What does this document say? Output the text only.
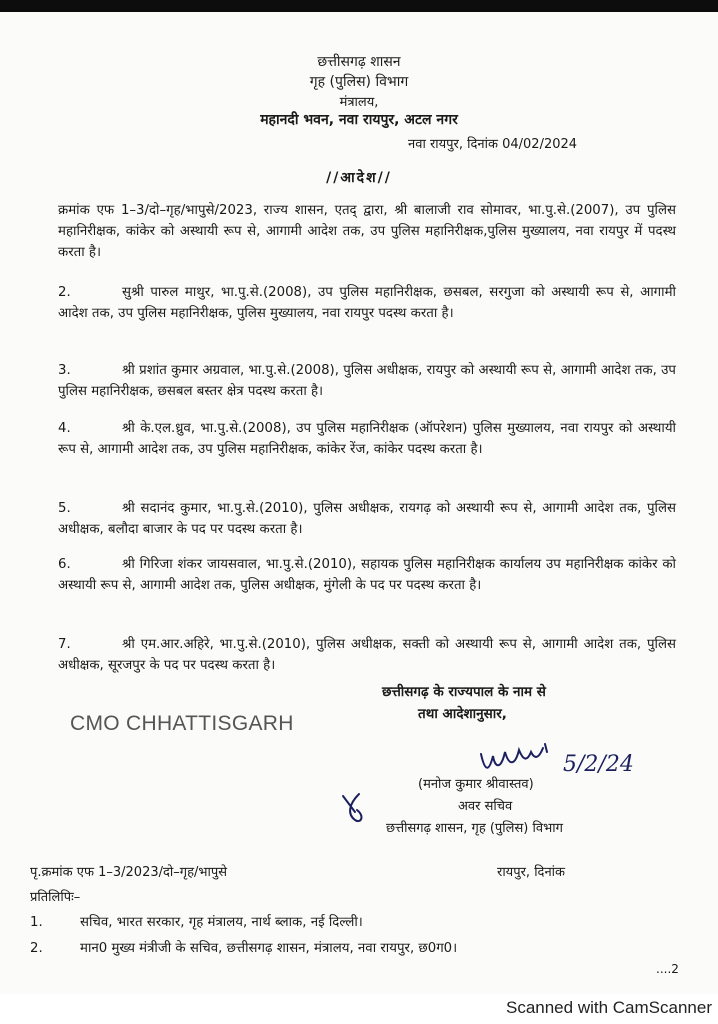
छत्तीसगढ़ शासन
गृह (पुलिस) विभाग
मंत्रालय,
महानदी भवन, नवा रायपुर, अटल नगर
नवा रायपुर, दिनांक 04/02/2024
//आदेश//
क्रमांक एफ 1–3/दो–गृह/भापुसे/2023, राज्य शासन, एतद् द्वारा, श्री बालाजी राव सोमावर, भा.पु.से.(2007), उप पुलिस महानिरीक्षक, कांकेर को अस्थायी रूप से, आगामी आदेश तक, उप पुलिस महानिरीक्षक,पुलिस मुख्यालय, नवा रायपुर में पदस्थ करता है।
2.	सुश्री पारुल माथुर, भा.पु.से.(2008), उप पुलिस महानिरीक्षक, छसबल, सरगुजा को अस्थायी रूप से, आगामी आदेश तक, उप पुलिस महानिरीक्षक, पुलिस मुख्यालय, नवा रायपुर पदस्थ करता है।
3.	श्री प्रशांत कुमार अग्रवाल, भा.पु.से.(2008), पुलिस अधीक्षक, रायपुर को अस्थायी रूप से, आगामी आदेश तक, उप पुलिस महानिरीक्षक, छसबल बस्तर क्षेत्र पदस्थ करता है।
4.	श्री के.एल.ध्रुव, भा.पु.से.(2008), उप पुलिस महानिरीक्षक (ऑपरेशन) पुलिस मुख्यालय, नवा रायपुर को अस्थायी रूप से, आगामी आदेश तक, उप पुलिस महानिरीक्षक, कांकेर रेंज, कांकेर पदस्थ करता है।
5.	श्री सदानंद कुमार, भा.पु.से.(2010), पुलिस अधीक्षक, रायगढ़ को अस्थायी रूप से, आगामी आदेश तक, पुलिस अधीक्षक, बलौदा बाजार के पद पर पदस्थ करता है।
6.	श्री गिरिजा शंकर जायसवाल, भा.पु.से.(2010), सहायक पुलिस महानिरीक्षक कार्यालय उप महानिरीक्षक कांकेर को अस्थायी रूप से, आगामी आदेश तक, पुलिस अधीक्षक, मुंगेली के पद पर पदस्थ करता है।
7.	श्री एम.आर.अहिरे, भा.पु.से.(2010), पुलिस अधीक्षक, सक्ती को अस्थायी रूप से, आगामी आदेश तक, पुलिस अधीक्षक, सूरजपुर के पद पर पदस्थ करता है।
CMO CHHATTISGARH
छत्तीसगढ़ के राज्यपाल के नाम से
तथा आदेशानुसार,
5/2/24
(मनोज कुमार श्रीवास्तव)
अवर सचिव
छत्तीसगढ़ शासन, गृह (पुलिस) विभाग
पृ.क्रमांक एफ 1–3/2023/दो–गृह/भापुसे	रायपुर, दिनांक
प्रतिलिपिः–
1.	सचिव, भारत सरकार, गृह मंत्रालय, नार्थ ब्लाक, नई दिल्ली।
2.	मान0 मुख्य मंत्रीजी के सचिव, छत्तीसगढ़ शासन, मंत्रालय, नवा रायपुर, छ0ग0।
....2
Scanned with CamScanner
